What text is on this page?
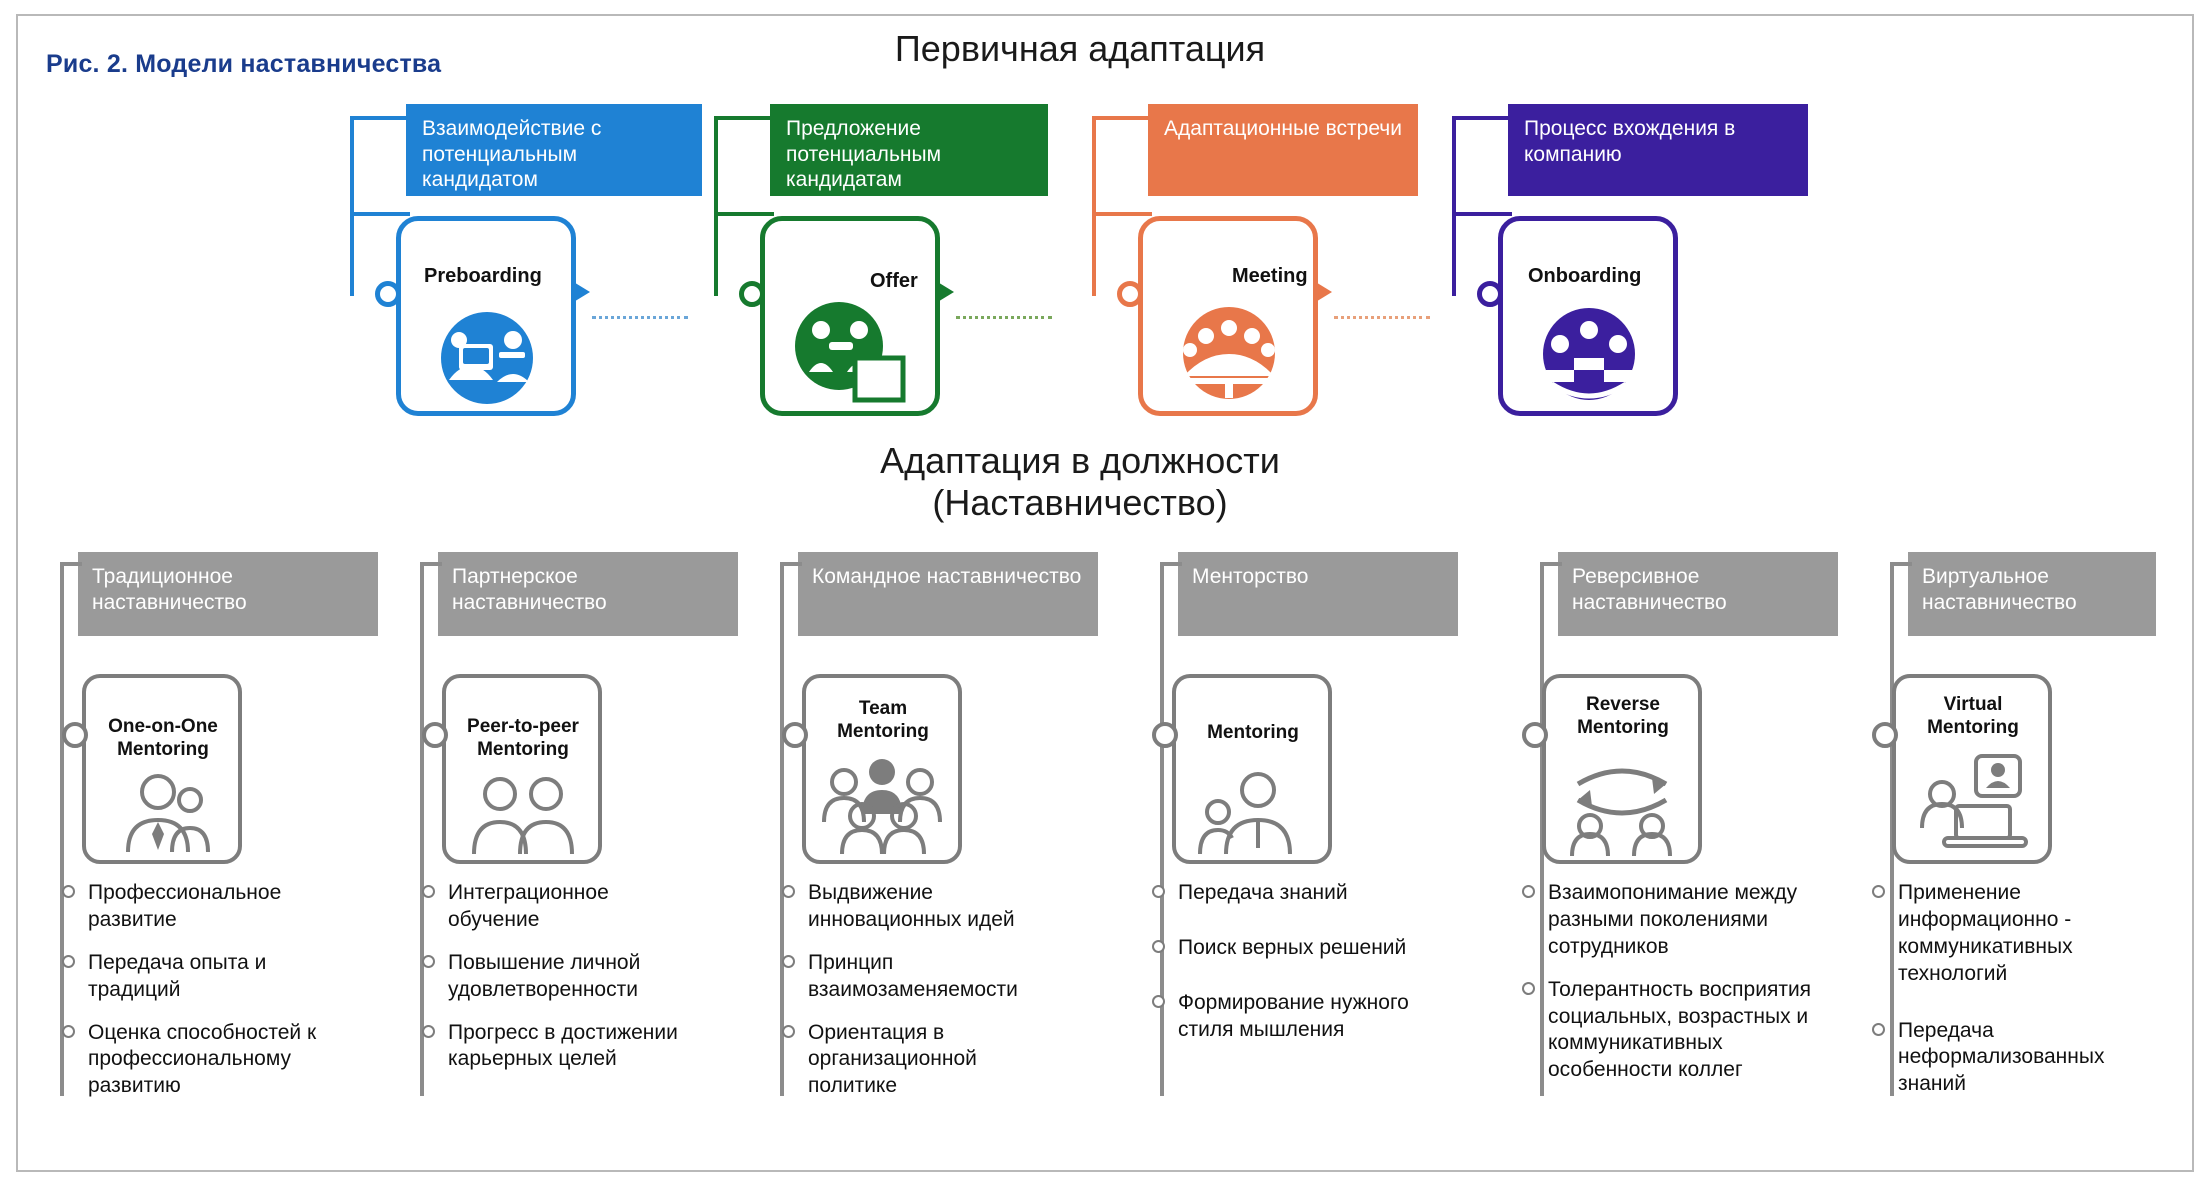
Рис. 2. Модели наставничества	Первичная адаптация
Адаптация в должности
(Наставничество)
Взаимодействие с потенциальным кандидатом
Preboarding
Предложение потенциальным кандидатам
Offer
Адаптационные встречи
Meeting
Процесс вхождения в компанию
Onboarding
Традиционное наставничество
One-on-One Mentoring
Профессиональное развитие
Передача опыта и традиций
Оценка способностей к профессиональному развитию
Партнерское наставничество
Peer-to-peer Mentoring
Интеграционное обучение
Повышение личной удовлетворенности
Прогресс в достижении карьерных целей
Командное наставничество
Team Mentoring
Выдвижение инновационных идей
Принцип взаимозаменяемости
Ориентация в организационной политике
Менторство
Mentoring
Передача знаний
Поиск верных решений
Формирование нужного стиля мышления
Реверсивное наставничество
Reverse Mentoring
Взаимопонимание между разными поколениями сотрудников
Толерантность восприятия социальных, возрастных и коммуникативных особенности коллег
Виртуальное наставничество
Virtual Mentoring
Применение информационно - коммуникативных технологий
Передача неформализованных знаний
